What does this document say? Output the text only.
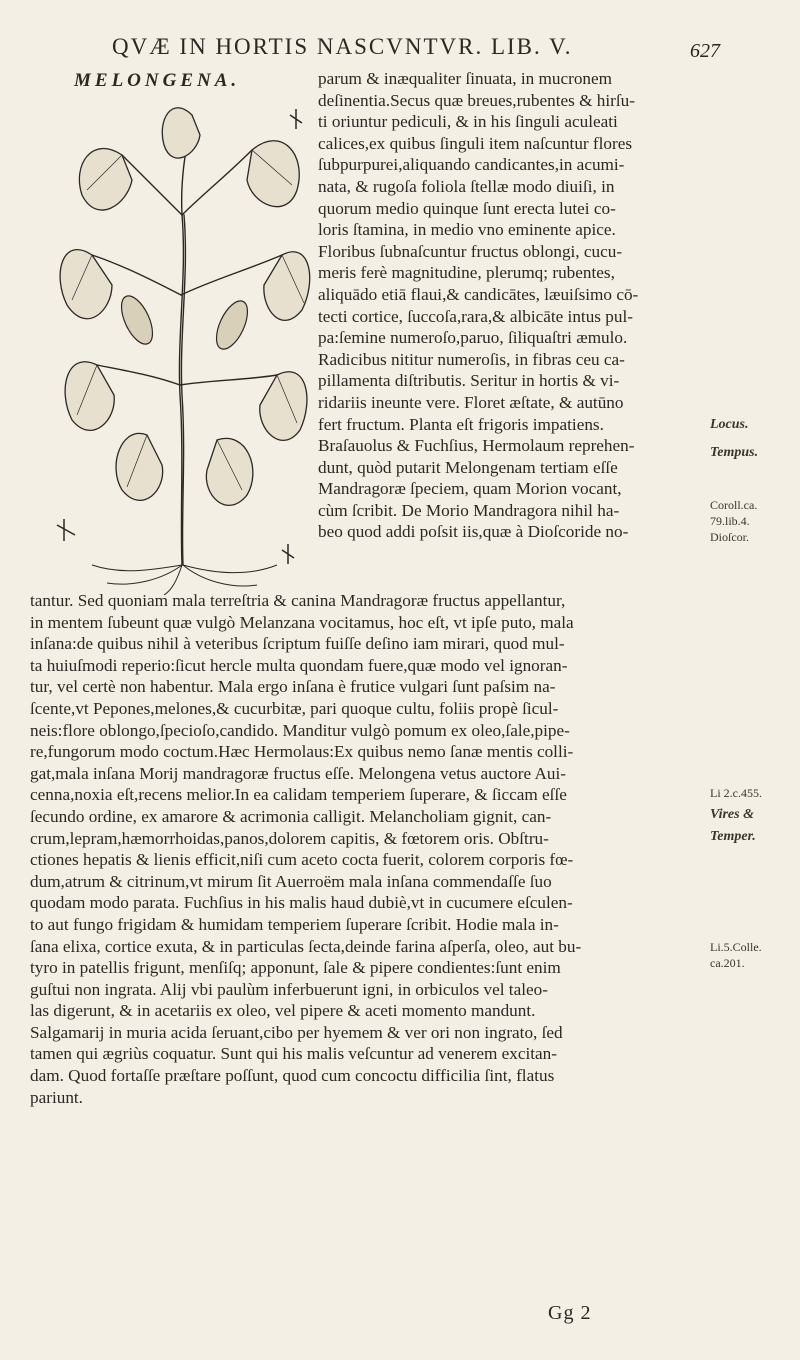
QVÆ IN HORTIS NASCVNTVR. LIB. V.	627
MELONGENA.	parum & inæqualiter ſinuata, in mucronem
deſinentia.Secus quæ breues,rubentes & hirſu-
ti oriuntur pediculi, & in his ſinguli aculeati
calices,ex quibus ſinguli item naſcuntur flores
ſubpurpurei,aliquando candicantes,in acumi-
nata, & rugoſa foliola ſtellæ modo diuiſi, in
quorum medio quinque ſunt erecta lutei co-
loris ſtamina, in medio vno eminente apice.
Floribus ſubnaſcuntur fructus oblongi, cucu-
meris ferè magnitudine, plerumq; rubentes,
aliquādo etiā flaui,& candicātes, læuiſsimo cō-
tecti cortice, ſuccoſa,rara,& albicāte intus pul-
pa:ſemine numeroſo,paruo, ſiliquaſtri æmulo.
Radicibus nititur numeroſis, in fibras ceu ca-
pillamenta diſtributis. Seritur in hortis & vi-
ridariis ineunte vere. Floret æſtate, & autūno
fert fructum. Planta eſt frigoris impatiens.
Braſauolus & Fuchſius, Hermolaum reprehen-
dunt, quòd putarit Melongenam tertiam eſſe
Mandragoræ ſpeciem, quam Morion vocant,
cùm ſcribit. De Morio Mandragora nihil ha-
beo quod addi poſsit iis,quæ à Dioſcoride no-
tantur. Sed quoniam mala terreſtria & canina Mandragoræ fructus appellantur,
in mentem ſubeunt quæ vulgò Melanzana vocitamus, hoc eſt, vt ipſe puto, mala
inſana:de quibus nihil à veteribus ſcriptum fuiſſe deſino iam mirari, quod mul-
ta huiuſmodi reperio:ſicut hercle multa quondam fuere,quæ modo vel ignoran-
tur, vel certè non habentur. Mala ergo inſana è frutice vulgari ſunt paſsim na-
ſcente,vt Pepones,melones,& cucurbitæ, pari quoque cultu, foliis propè ſicul-
neis:flore oblongo,ſpecioſo,candido. Manditur vulgò pomum ex oleo,ſale,pipe-
re,fungorum modo coctum.Hæc Hermolaus:Ex quibus nemo ſanæ mentis colli-
gat,mala inſana Morij mandragoræ fructus eſſe. Melongena vetus auctore Aui-
cenna,noxia eſt,recens melior.In ea calidam temperiem ſuperare, & ſiccam eſſe
ſecundo ordine, ex amarore & acrimonia calligit. Melancholiam gignit, can-
crum,lepram,hæmorrhoidas,panos,dolorem capitis, & fœtorem oris. Obſtru-
ctiones hepatis & lienis efficit,niſi cum aceto cocta fuerit, colorem corporis fœ-
dum,atrum & citrinum,vt mirum ſit Auerroëm mala inſana commendaſſe ſuo
quodam modo parata. Fuchſius in his malis haud dubiè,vt in cucumere eſculen-
to aut fungo frigidam & humidam temperiem ſuperare ſcribit. Hodie mala in-
ſana elixa, cortice exuta, & in particulas ſecta,deinde farina aſperſa, oleo, aut bu-
tyro in patellis frigunt, menſiſq; apponunt, ſale & pipere condientes:ſunt enim
guſtui non ingrata. Alij vbi paulùm inferbuerunt igni, in orbiculos vel taleo-
las digerunt, & in acetariis ex oleo, vel pipere & aceti momento mandunt.
Salgamarij in muria acida ſeruant,cibo per hyemem & ver ori non ingrato, ſed
tamen qui ægriùs coquatur. Sunt qui his malis veſcuntur ad venerem excitan-
dam. Quod fortaſſe præſtare poſſunt, quod cum concoctu difficilia ſint, flatus
pariunt.
Locus.
Tempus.
Coroll.ca.
79.lib.4.
Dioſcor.
Li 2.c.455.
Vires &
Temper.
Li.5.Colle.
ca.201.
Gg 2
